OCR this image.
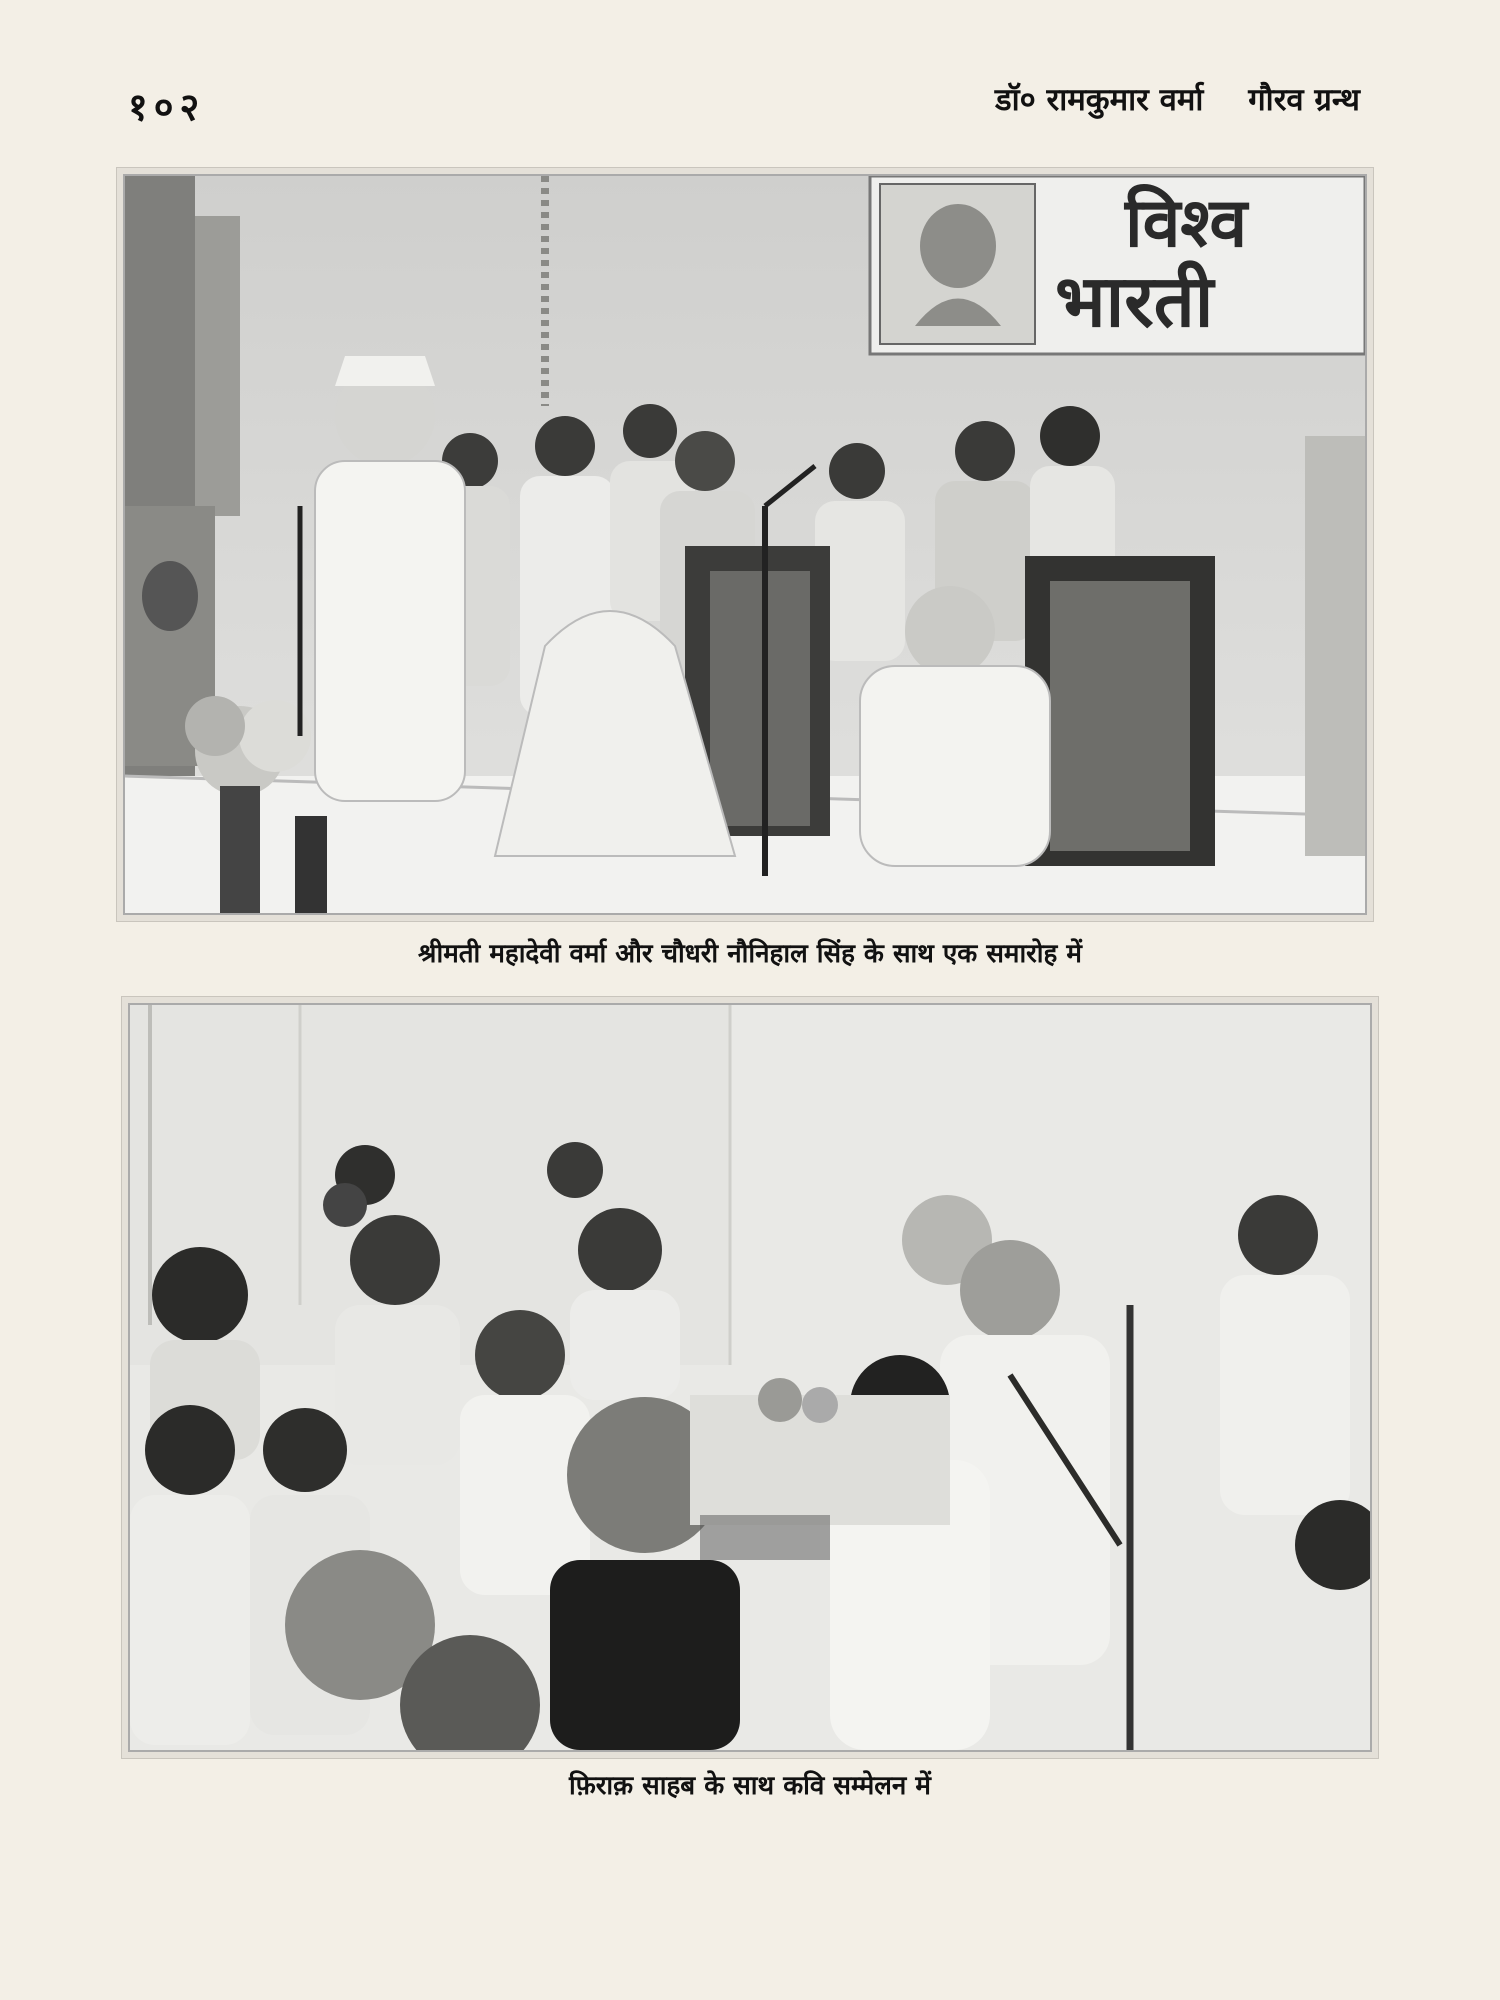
१०२	डॉ० रामकुमार वर्मा गौरव ग्रन्थ
विश्व
भारती
श्रीमती महादेवी वर्मा और चौधरी नौनिहाल सिंह के साथ एक समारोह में
फ़िराक़ साहब के साथ कवि सम्मेलन में
